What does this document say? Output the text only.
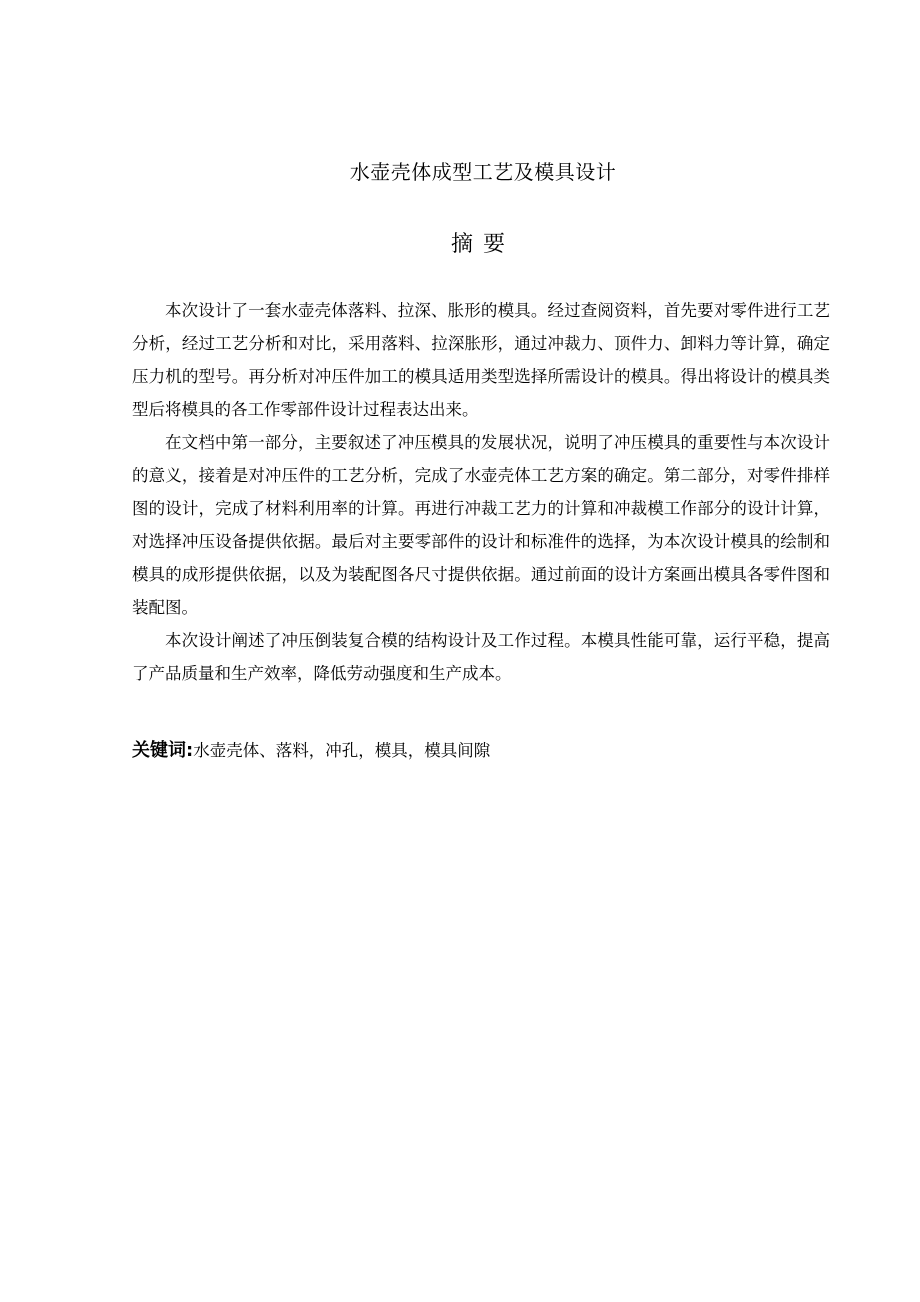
水壶壳体成型工艺及模具设计
摘要

本次设计了一套水壶壳体落料、拉深、胀形的模具。经过查阅资料，首先要对零件进行工艺分析，经过工艺分析和对比，采用落料、拉深胀形，通过冲裁力、顶件力、卸料力等计算，确定压力机的型号。再分析对冲压件加工的模具适用类型选择所需设计的模具。得出将设计的模具类型后将模具的各工作零部件设计过程表达出来。

在文档中第一部分，主要叙述了冲压模具的发展状况，说明了冲压模具的重要性与本次设计的意义，接着是对冲压件的工艺分析，完成了水壶壳体工艺方案的确定。第二部分，对零件排样图的设计，完成了材料利用率的计算。再进行冲裁工艺力的计算和冲裁模工作部分的设计计算，对选择冲压设备提供依据。最后对主要零部件的设计和标准件的选择，为本次设计模具的绘制和模具的成形提供依据，以及为装配图各尺寸提供依据。通过前面的设计方案画出模具各零件图和装配图。

本次设计阐述了冲压倒装复合模的结构设计及工作过程。本模具性能可靠，运行平稳，提高了产品质量和生产效率，降低劳动强度和生产成本。

关键词:水壶壳体、落料，冲孔，模具，模具间隙
